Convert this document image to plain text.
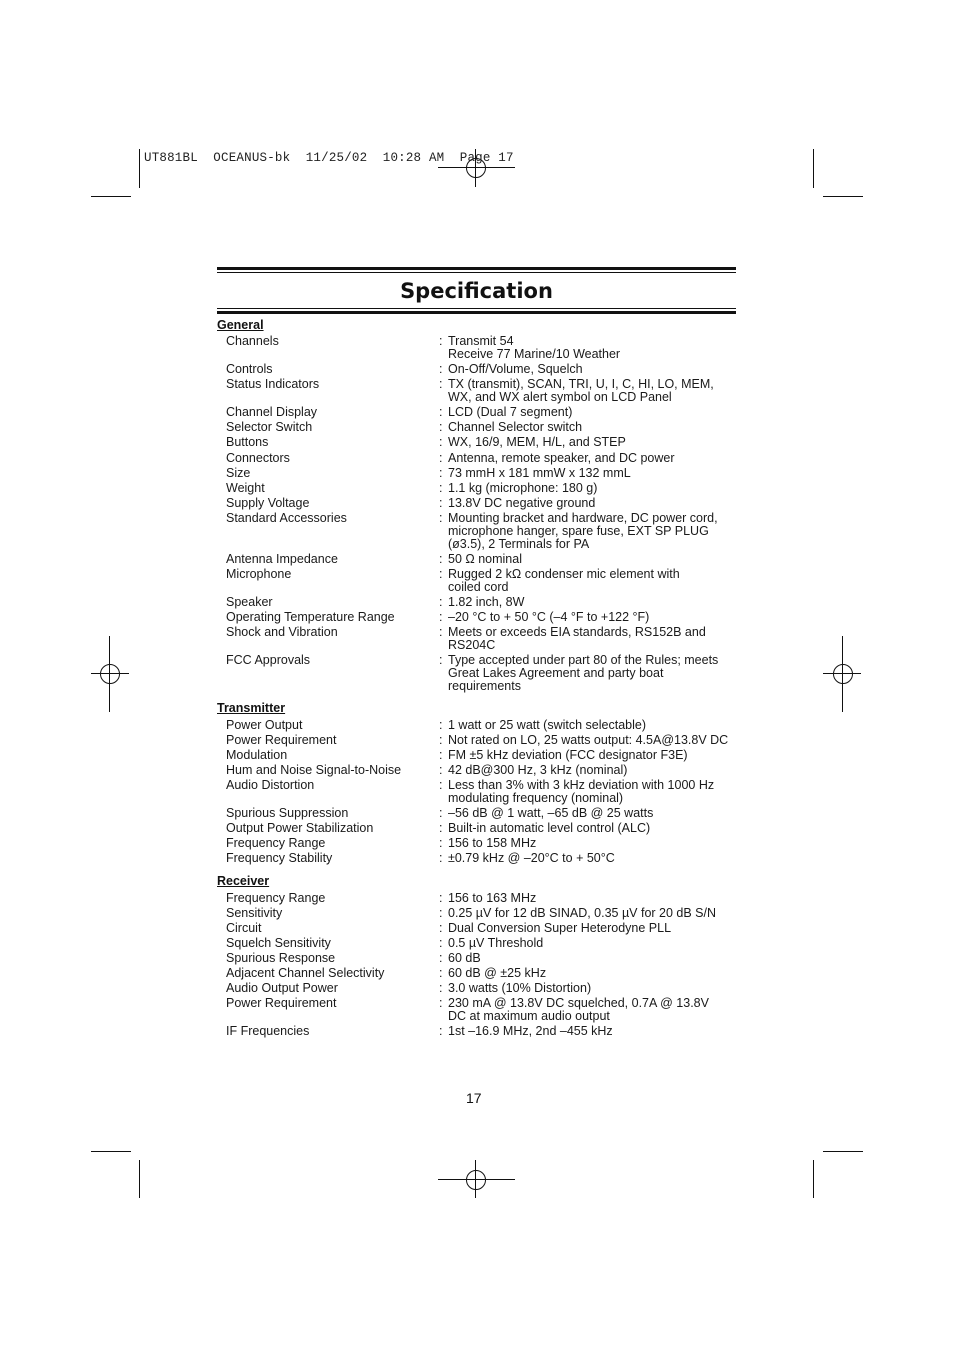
UT881BL  OCEANUS-bk  11/25/02  10:28 AM  Page 17
Specification
General
Channels	: Transmit 54
Receive 77 Marine/10 Weather
Controls	: On-Off/Volume, Squelch
Status Indicators	: TX (transmit), SCAN, TRI, U, I, C, HI, LO, MEM,
WX, and WX alert symbol on LCD Panel
Channel Display	: LCD (Dual 7 segment)
Selector Switch	: Channel Selector switch
Buttons	: WX, 16/9, MEM, H/L, and STEP
Connectors	: Antenna, remote speaker, and DC power
Size	: 73 mmH x 181 mmW x 132 mmL
Weight	: 1.1 kg (microphone: 180 g)
Supply Voltage	: 13.8V DC negative ground
Standard Accessories	: Mounting bracket and hardware, DC power cord,
microphone hanger, spare fuse, EXT SP PLUG
(ø3.5), 2 Terminals for PA
Antenna Impedance	: 50 Ω nominal
Microphone	: Rugged 2 kΩ condenser mic element with
coiled cord
Speaker	: 1.82 inch, 8W
Operating Temperature Range	: –20 °C to + 50 °C (–4 °F to +122 °F)
Shock and Vibration	: Meets or exceeds EIA standards, RS152B and
RS204C
FCC Approvals	: Type accepted under part 80 of the Rules; meets
Great Lakes Agreement and party boat
requirements
Transmitter
Power Output	: 1 watt or 25 watt (switch selectable)
Power Requirement	: Not rated on LO, 25 watts output: 4.5A@13.8V DC
Modulation	: FM ±5 kHz deviation (FCC designator F3E)
Hum and Noise Signal-to-Noise	: 42 dB@300 Hz, 3 kHz (nominal)
Audio Distortion	: Less than 3% with 3 kHz deviation with 1000 Hz
modulating frequency (nominal)
Spurious Suppression	: –56 dB @ 1 watt, –65 dB @ 25 watts
Output Power Stabilization	: Built-in automatic level control (ALC)
Frequency Range	: 156 to 158 MHz
Frequency Stability	: ±0.79 kHz @ –20°C to + 50°C
Receiver
Frequency Range	: 156 to 163 MHz
Sensitivity	: 0.25 µV for 12 dB SINAD, 0.35 µV for 20 dB S/N
Circuit	: Dual Conversion Super Heterodyne PLL
Squelch Sensitivity	: 0.5 µV Threshold
Spurious Response	: 60 dB
Adjacent Channel Selectivity	: 60 dB @ ±25 kHz
Audio Output Power	: 3.0 watts (10% Distortion)
Power Requirement	: 230 mA @ 13.8V DC squelched, 0.7A @ 13.8V
DC at maximum audio output
IF Frequencies	: 1st –16.9 MHz, 2nd –455 kHz
17
